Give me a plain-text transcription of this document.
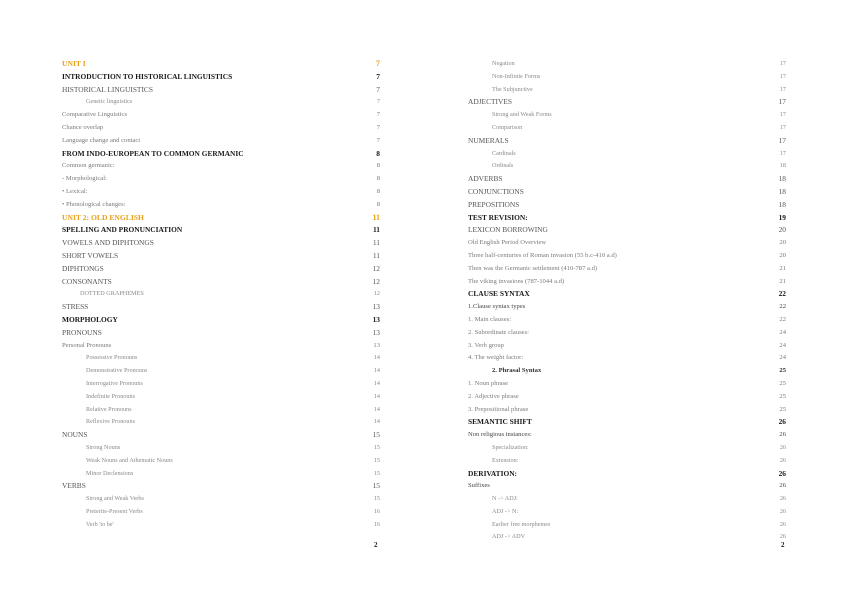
UNIT I	7
INTRODUCTION TO HISTORICAL LINGUISTICS	7
HISTORICAL LINGUISTICS	7
Genetic linguistics	7
Comparative Linguistics	7
Chance overlap	7
Language change and contact	7
FROM INDO-EUROPEAN TO COMMON GERMANIC	8
Common germanic:	8
- Morphological:	8
• Lexical:	8
• Phonological changes:	8
UNIT 2: OLD ENGLISH	11
SPELLING AND PRONUNCIATION	11
VOWELS AND DIPHTONGS	11
SHORT VOWELS	11
DIPHTONGS	12
CONSONANTS	12
DOTTED GRAPHEMES	12
STRESS	13
MORPHOLOGY	13
PRONOUNS	13
Personal Pronouns	13
Possessive Pronouns	14
Demonstrative Pronouns	14
Interrogative Pronouns	14
Indefinite Pronouns	14
Relative Pronouns	14
Reflexive Pronouns	14
NOUNS	15
Strong Nouns	15
Weak Nouns and Athematic Nouns	15
Minor Declensions	15
VERBS	15
Strong and Weak Verbs	15
Preterite-Present Verbs	16
Verb 'to be'	16
Negation	17
Non-Infinite Forms	17
The Subjunctive	17
ADJECTIVES	17
Strong and Weak Forms	17
Comparison	17
NUMERALS	17
Cardinals	17
Ordinals	18
ADVERBS	18
CONJUNCTIONS	18
PREPOSITIONS	18
TEST REVISION:	19
LEXICON BORROWING	20
Old English Period Overview	20
Three half-centuries of Roman invasion (55 b.c-410 a.d)	20
Then was the Germanic settlement (410-787 a.d)	21
The viking invasions (787-1044 a.d)	21
CLAUSE SYNTAX	22
1.Clause syntax types	22
1. Main clauses:	22
2. Subordinate clauses:	24
3. Verb group	24
4. The weight factor:	24
2. Phrasal Syntax	25
1. Noun phrase	25
2. Adjective phrase	25
3. Prepositional phrase	25
SEMANTIC SHIFT	26
Non religious instances:	26
Specialization:	26
Extension:	26
DERIVATION:	26
Suffixes	26
N -> ADJ:	26
ADJ -> N:	26
Earlier free morphemes	26
ADJ -> ADV	26
2	2
